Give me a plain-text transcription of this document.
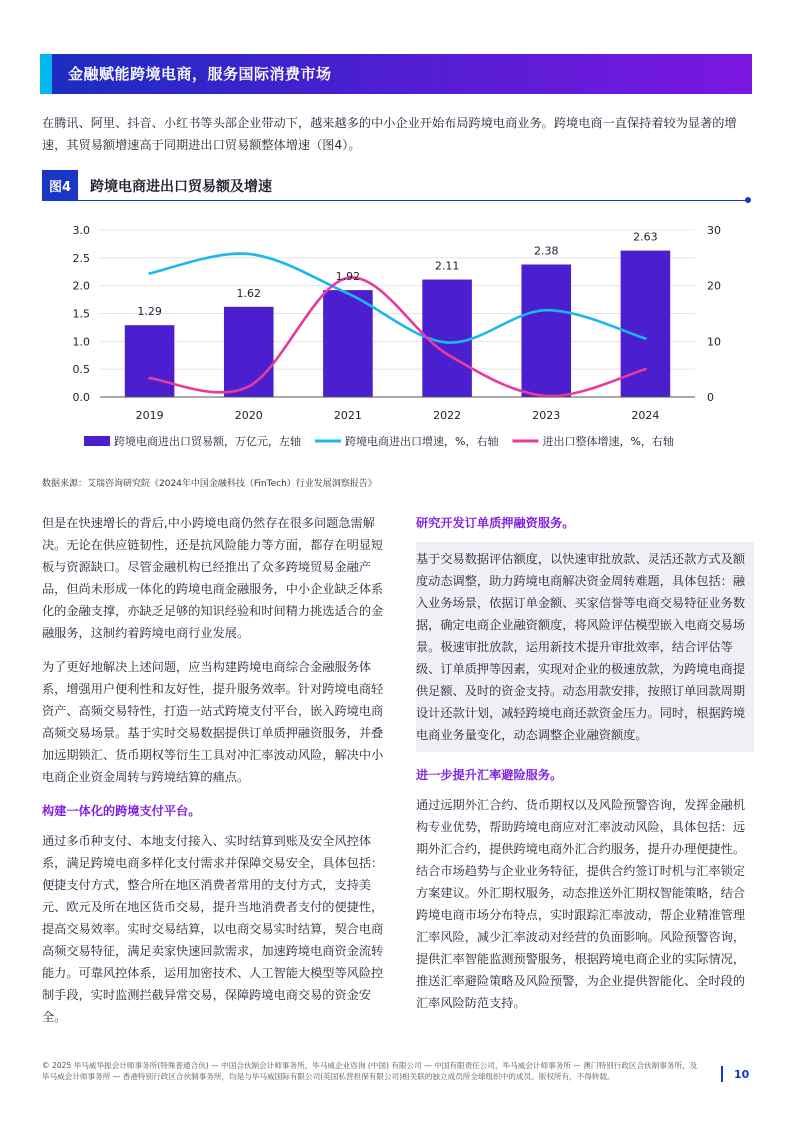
金融赋能跨境电商，服务国际消费市场
在腾讯、阿里、抖音、小红书等头部企业带动下，越来越多的中小企业开始布局跨境电商业务。跨境电商一直保持着较为显著的增速，其贸易额增速高于同期进出口贸易额整体增速（图4）。
图4	跨境电商进出口贸易额及增速
1.29
1.62
1.92
2.11
2.38
2.63
0.0
0.5
1.0
1.5
2.0
2.5
3.0
0
10
20
30
2019	2020	2021	2022	2023	2024
跨境电商进出口贸易额，万亿元，左轴	跨境电商进出口增速，%，右轴	进出口整体增速，%，右轴
数据来源：艾瑞咨询研究院《2024年中国金融科技（FinTech）行业发展洞察报告》

但是在快速增长的背后,中小跨境电商仍然存在很多问题急需解决。无论在供应链韧性，还是抗风险能力等方面，都存在明显短板与资源缺口。尽管金融机构已经推出了众多跨境贸易金融产品，但尚未形成一体化的跨境电商金融服务，中小企业缺乏体系化的金融支撑，亦缺乏足够的知识经验和时间精力挑选适合的金融服务，这制约着跨境电商行业发展。

为了更好地解决上述问题，应当构建跨境电商综合金融服务体系，增强用户便利性和友好性，提升服务效率。针对跨境电商轻资产、高频交易特性，打造一站式跨境支付平台，嵌入跨境电商高频交易场景。基于实时交易数据提供订单质押融资服务，并叠加远期锁汇、货币期权等衍生工具对冲汇率波动风险，解决中小电商企业资金周转与跨境结算的痛点。

构建一体化的跨境支付平台。

通过多币种支付、本地支付接入、实时结算到账及安全风控体系，满足跨境电商多样化支付需求并保障交易安全，具体包括：便捷支付方式，整合所在地区消费者常用的支付方式，支持美元、欧元及所在地区货币交易，提升当地消费者支付的便捷性，提高交易效率。实时交易结算，以电商交易实时结算，契合电商高频交易特征，满足卖家快速回款需求，加速跨境电商资金流转能力。可靠风控体系，运用加密技术、人工智能大模型等风险控制手段，实时监测拦截异常交易，保障跨境电商交易的资金安全。

研究开发订单质押融资服务。

基于交易数据评估额度，以快速审批放款、灵活还款方式及额度动态调整，助力跨境电商解决资金周转难题，具体包括：融入业务场景，依据订单金额、买家信誉等电商交易特征业务数据，确定电商企业融资额度，将风险评估模型嵌入电商交易场景。极速审批放款，运用新技术提升审批效率，结合评估等级、订单质押等因素，实现对企业的极速放款，为跨境电商提供足额、及时的资金支持。动态用款安排，按照订单回款周期设计还款计划，减轻跨境电商还款资金压力。同时，根据跨境电商业务量变化，动态调整企业融资额度。

进一步提升汇率避险服务。

通过远期外汇合约、货币期权以及风险预警咨询，发挥金融机构专业优势，帮助跨境电商应对汇率波动风险，具体包括：远期外汇合约，提供跨境电商外汇合约服务，提升办理便捷性。结合市场趋势与企业业务特征，提供合约签订时机与汇率锁定方案建议。外汇期权服务，动态推送外汇期权智能策略，结合跨境电商市场分布特点，实时跟踪汇率波动，帮企业精准管理汇率风险，减少汇率波动对经营的负面影响。风险预警咨询，提供汇率智能监测预警服务，根据跨境电商企业的实际情况，推送汇率避险策略及风险预警，为企业提供智能化、全时段的汇率风险防范支持。

© 2025 毕马威华振会计师事务所(特殊普通合伙) — 中国合伙制会计师事务所，毕马威企业咨询 (中国) 有限公司 — 中国有限责任公司，毕马威会计师事务所 — 澳门特别行政区合伙制事务所，及毕马威会计师事务所 — 香港特别行政区合伙制事务所，均是与毕马威国际有限公司(英国私营担保有限公司)相关联的独立成员所全球组织中的成员。版权所有，不得转载。	10
